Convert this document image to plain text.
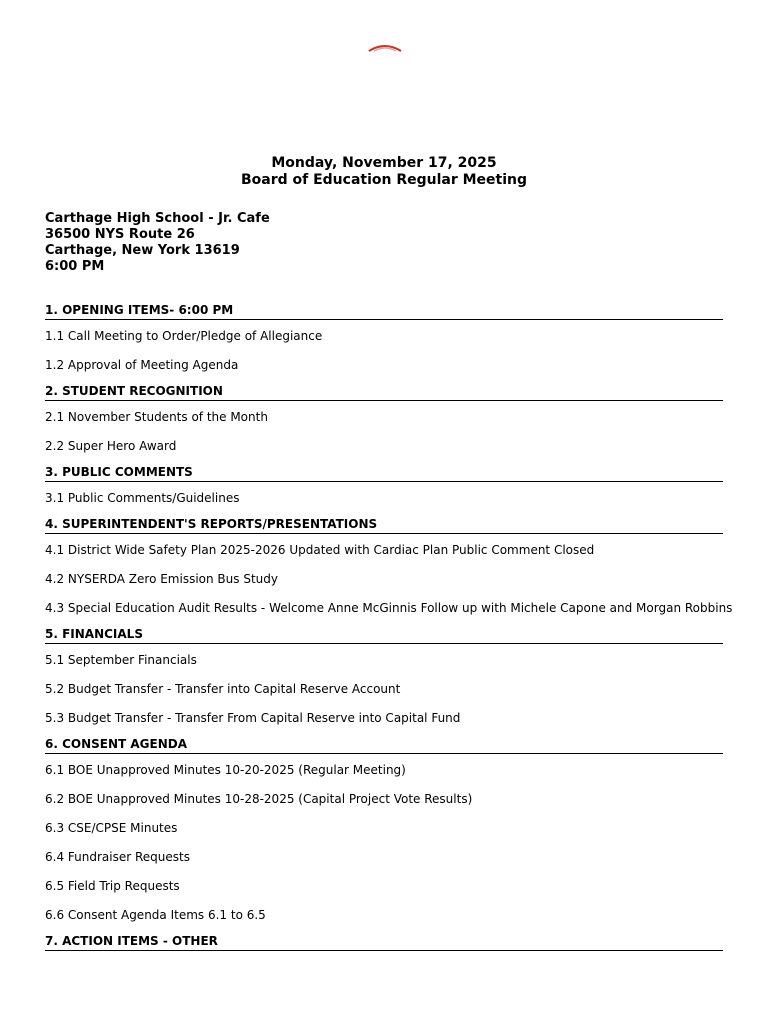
Monday, November 17, 2025
Board of Education Regular Meeting
Carthage High School - Jr. Cafe
36500 NYS Route 26
Carthage, New York 13619
6:00 PM
1. OPENING ITEMS- 6:00 PM
1.1 Call Meeting to Order/Pledge of Allegiance
1.2 Approval of Meeting Agenda
2. STUDENT RECOGNITION
2.1 November Students of the Month
2.2 Super Hero Award
3. PUBLIC COMMENTS
3.1 Public Comments/Guidelines
4. SUPERINTENDENT'S REPORTS/PRESENTATIONS
4.1 District Wide Safety Plan 2025-2026 Updated with Cardiac Plan Public Comment Closed
4.2 NYSERDA Zero Emission Bus Study
4.3 Special Education Audit Results - Welcome Anne McGinnis Follow up with Michele Capone and Morgan Robbins
5. FINANCIALS
5.1 September Financials
5.2 Budget Transfer - Transfer into Capital Reserve Account
5.3 Budget Transfer - Transfer From Capital Reserve into Capital Fund
6. CONSENT AGENDA
6.1 BOE Unapproved Minutes 10-20-2025 (Regular Meeting)
6.2 BOE Unapproved Minutes 10-28-2025 (Capital Project Vote Results)
6.3 CSE/CPSE Minutes
6.4 Fundraiser Requests
6.5 Field Trip Requests
6.6 Consent Agenda Items 6.1 to 6.5
7. ACTION ITEMS - OTHER
